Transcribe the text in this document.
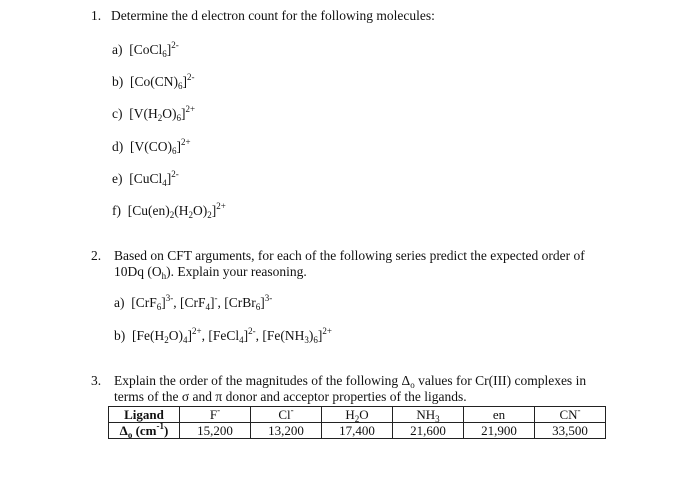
1. Determine the d electron count for the following molecules:
a)  [CoCl$_6$]$^{2-}$
b)  $[Co(CN)_6]^{2-}$
c)  $[V(H_2O)_6]^{2+}$
d)  $[V(CO)_6]^{2+}$
e)  [CuCl$_4$]$^{2-}$
f)  $[Cu(en)_2(H_2O)_2]^{2+}$
2. Based on CFT arguments, for each of the following series predict the expected order of
10Dq $(O_h)$. Explain your reasoning.
a)  $[CrF_6]^{3-}$, [CrF$_4$]-, [CrBr$_6$]$^{3-}$
b)  $[Fe(H_2O)_4]^{2+}$, [FeCl$_4$]$^{2-}$, $[Fe(NH_3)_6]^{2+}$
3. Explain the order of the magnitudes of the following $\Delta_o$ values for Cr(III) complexes in
terms of the σ and π donor and acceptor properties of the ligands.
Ligand	F-	Cl-	$H_2O$	$NH_3$	en	CN-
$\Delta_o$ $(cm^{-1})$	15,200	13,200	17,400	21,600	21,900	33,500
